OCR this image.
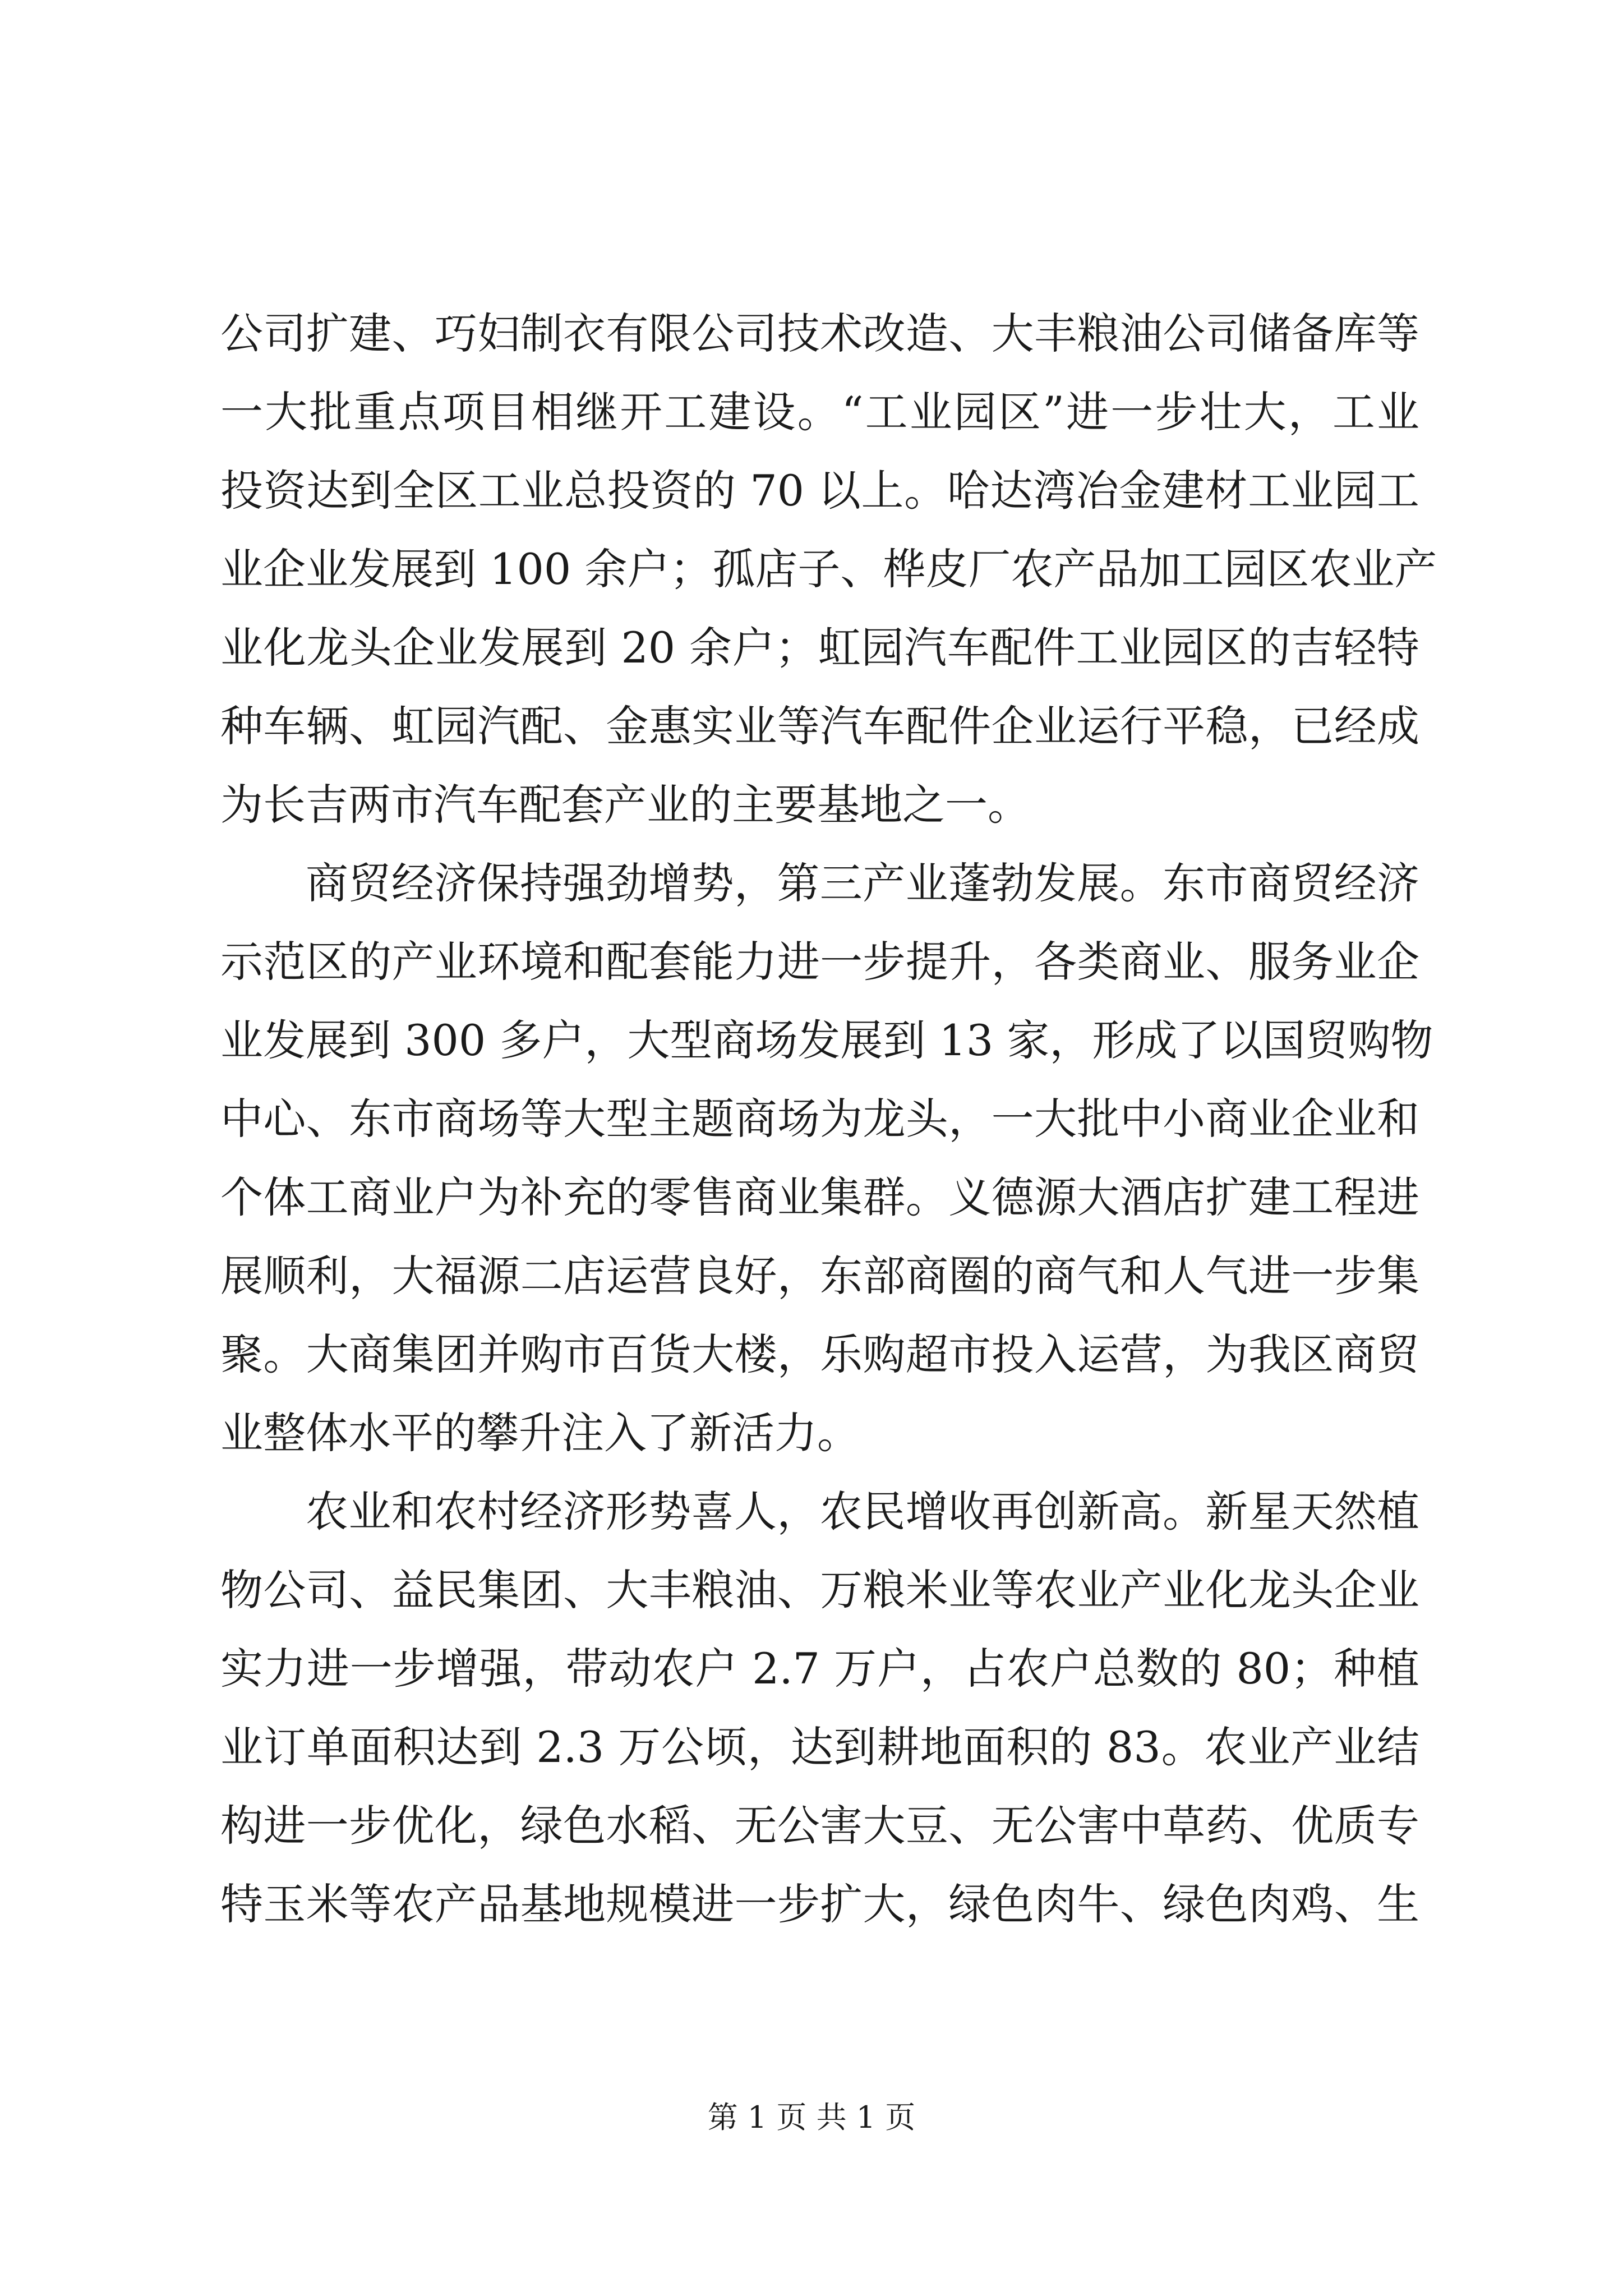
公司扩建、巧妇制衣有限公司技术改造、大丰粮油公司储备库等
一大批重点项目相继开工建设。“工业园区”进一步壮大，工业
投资达到全区工业总投资的 70 以上。哈达湾冶金建材工业园工
业企业发展到 100 余户；孤店子、桦皮厂农产品加工园区农业产
业化龙头企业发展到 20 余户；虹园汽车配件工业园区的吉轻特
种车辆、虹园汽配、金惠实业等汽车配件企业运行平稳，已经成
为长吉两市汽车配套产业的主要基地之一。
商贸经济保持强劲增势，第三产业蓬勃发展。东市商贸经济
示范区的产业环境和配套能力进一步提升，各类商业、服务业企
业发展到 300 多户，大型商场发展到 13 家，形成了以国贸购物
中心、东市商场等大型主题商场为龙头，一大批中小商业企业和
个体工商业户为补充的零售商业集群。义德源大酒店扩建工程进
展顺利，大福源二店运营良好，东部商圈的商气和人气进一步集
聚。大商集团并购市百货大楼，乐购超市投入运营，为我区商贸
业整体水平的攀升注入了新活力。
农业和农村经济形势喜人，农民增收再创新高。新星天然植
物公司、益民集团、大丰粮油、万粮米业等农业产业化龙头企业
实力进一步增强，带动农户 2.7 万户，占农户总数的 80；种植
业订单面积达到 2.3 万公顷，达到耕地面积的 83。农业产业结
构进一步优化，绿色水稻、无公害大豆、无公害中草药、优质专
特玉米等农产品基地规模进一步扩大，绿色肉牛、绿色肉鸡、生
第 1 页 共 1 页
